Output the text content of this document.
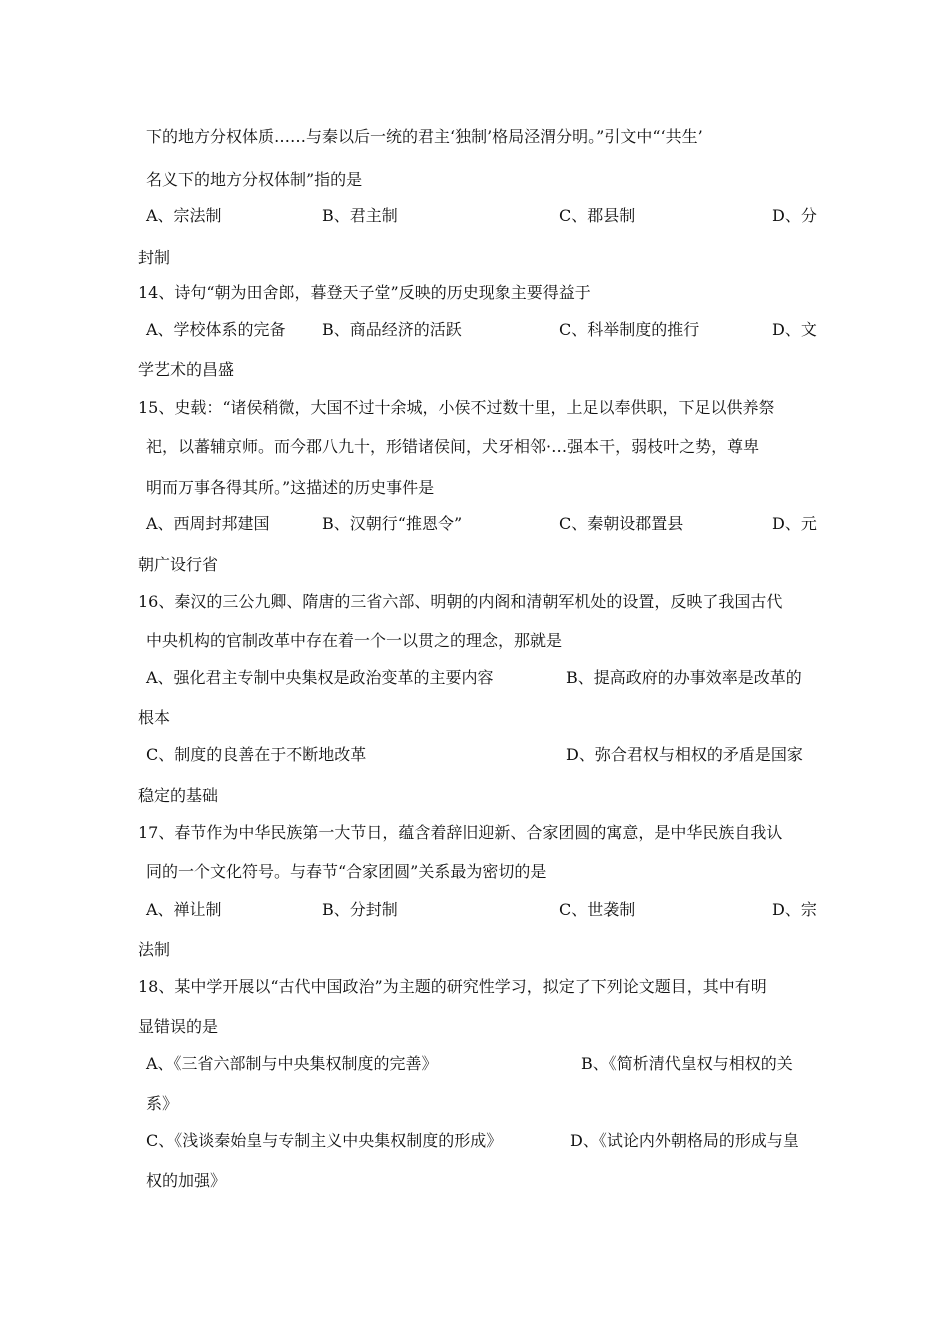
下的地方分权体质……与秦以后一统的君主‘独制’格局泾渭分明。”引文中“‘共生’
名义下的地方分权体制”指的是
A、宗法制	B、君主制	C、郡县制	D、分
封制
14、诗句“朝为田舍郎，暮登天子堂”反映的历史现象主要得益于
A、学校体系的完备 B、商品经济的活跃	C、科举制度的推行	D、文
学艺术的昌盛
15、史载：“诸侯稍微，大国不过十余城，小侯不过数十里，上足以奉供职，下足以供养祭
祀，以蕃辅京师。而今郡八九十，形错诸侯间，犬牙相邻·…强本干，弱枝叶之势，尊卑
明而万事各得其所。”这描述的历史事件是
A、西周封邦建国	B、汉朝行“推恩令”	C、秦朝设郡置县	D、元
朝广设行省
16、秦汉的三公九卿、隋唐的三省六部、明朝的内阁和清朝军机处的设置，反映了我国古代
中央机构的官制改革中存在着一个一以贯之的理念，那就是
A、强化君主专制中央集权是政治变革的主要内容	B、提高政府的办事效率是改革的
根本
C、制度的良善在于不断地改革	D、弥合君权与相权的矛盾是国家
稳定的基础
17、春节作为中华民族第一大节日，蕴含着辞旧迎新、合家团圆的寓意，是中华民族自我认
同的一个文化符号。与春节“合家团圆”关系最为密切的是
A、禅让制	B、分封制	C、世袭制	D、宗
法制
18、某中学开展以“古代中国政治”为主题的研究性学习，拟定了下列论文题目，其中有明
显错误的是
A、《三省六部制与中央集权制度的完善》	B、《简析清代皇权与相权的关
系》
C、《浅谈秦始皇与专制主义中央集权制度的形成》	D、《试论内外朝格局的形成与皇
权的加强》
